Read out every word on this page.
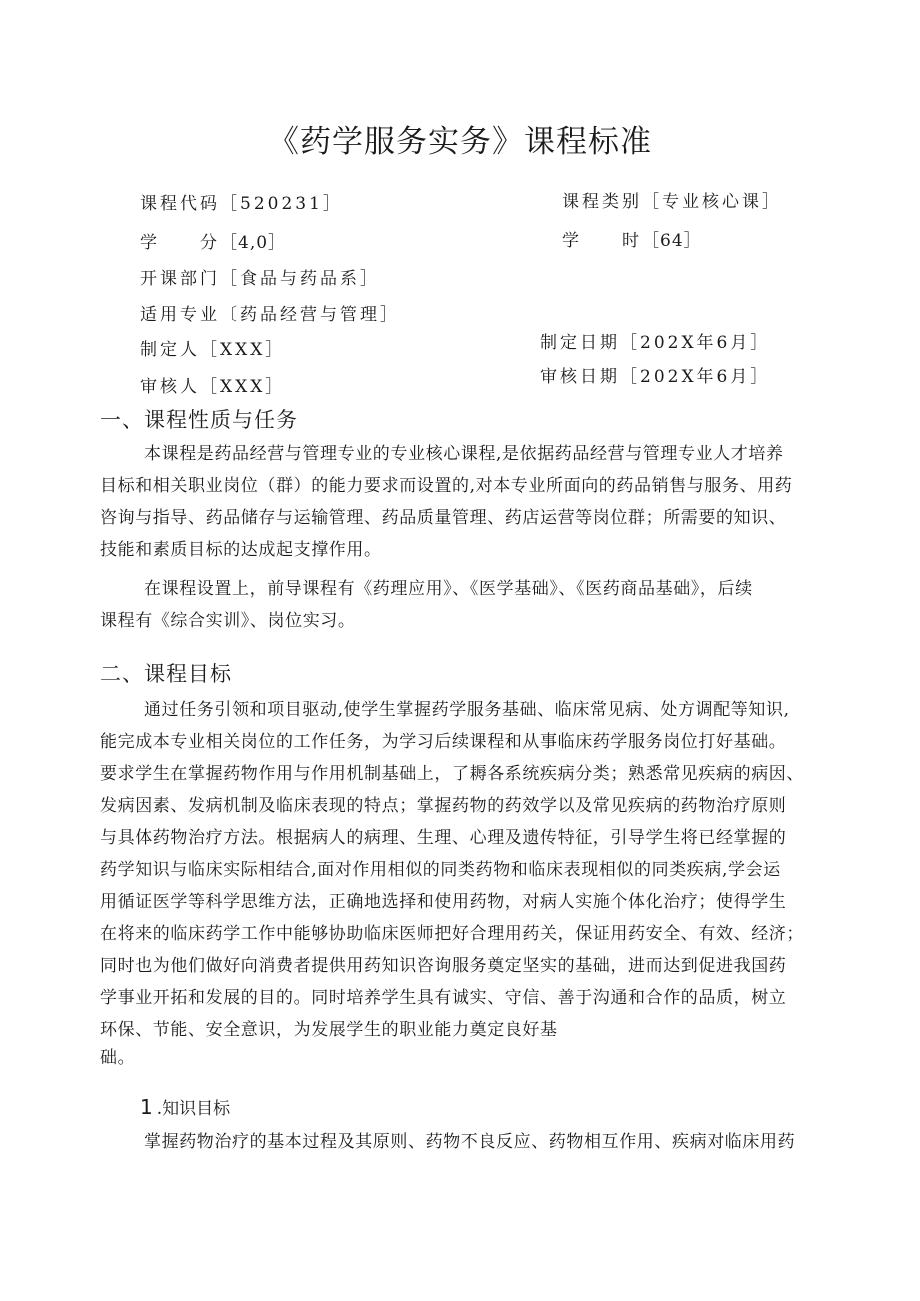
《药学服务实务》课程标准
课程代码［520231］	课程类别［专业核心课］
学　　分［4,0］	学　　时［64］
开课部门［食品与药品系］
适用专业〔药品经营与管理］
制定人［XXX］	制定日期［202X年6月］
审核人［XXX］	审核日期［202X年6月］
一、课程性质与任务
本课程是药品经营与管理专业的专业核心课程,是依据药品经营与管理专业人才培养
目标和相关职业岗位（群）的能力要求而设置的,对本专业所面向的药品销售与服务、用药
咨询与指导、药品储存与运输管理、药品质量管理、药店运营等岗位群；所需要的知识、
技能和素质目标的达成起支撑作用。
在课程设置上，前导课程有《药理应用》、《医学基础》、《医药商品基础》，后续
课程有《综合实训》、岗位实习。
二、课程目标
通过任务引领和项目驱动,使学生掌握药学服务基础、临床常见病、处方调配等知识,
能完成本专业相关岗位的工作任务，为学习后续课程和从事临床药学服务岗位打好基础。
要求学生在掌握药物作用与作用机制基础上，了耨各系统疾病分类；熟悉常见疾病的病因、
发病因素、发病机制及临床表现的特点；掌握药物的药效学以及常见疾病的药物治疗原则
与具体药物治疗方法。根据病人的病理、生理、心理及遗传特征，引导学生将已经掌握的
药学知识与临床实际相结合,面对作用相似的同类药物和临床表现相似的同类疾病,学会运
用循证医学等科学思维方法，正确地选择和使用药物，对病人实施个体化治疗；使得学生
在将来的临床药学工作中能够协助临床医师把好合理用药关，保证用药安全、有效、经济；
同时也为他们做好向消费者提供用药知识咨询服务奠定坚实的基础，进而达到促进我国药
学事业开拓和发展的目的。同时培养学生具有诚实、守信、善于沟通和合作的品质，树立
环保、节能、安全意识，为发展学生的职业能力奠定良好基
础。
1 .知识目标
掌握药物治疗的基本过程及其原则、药物不良反应、药物相互作用、疾病对临床用药
